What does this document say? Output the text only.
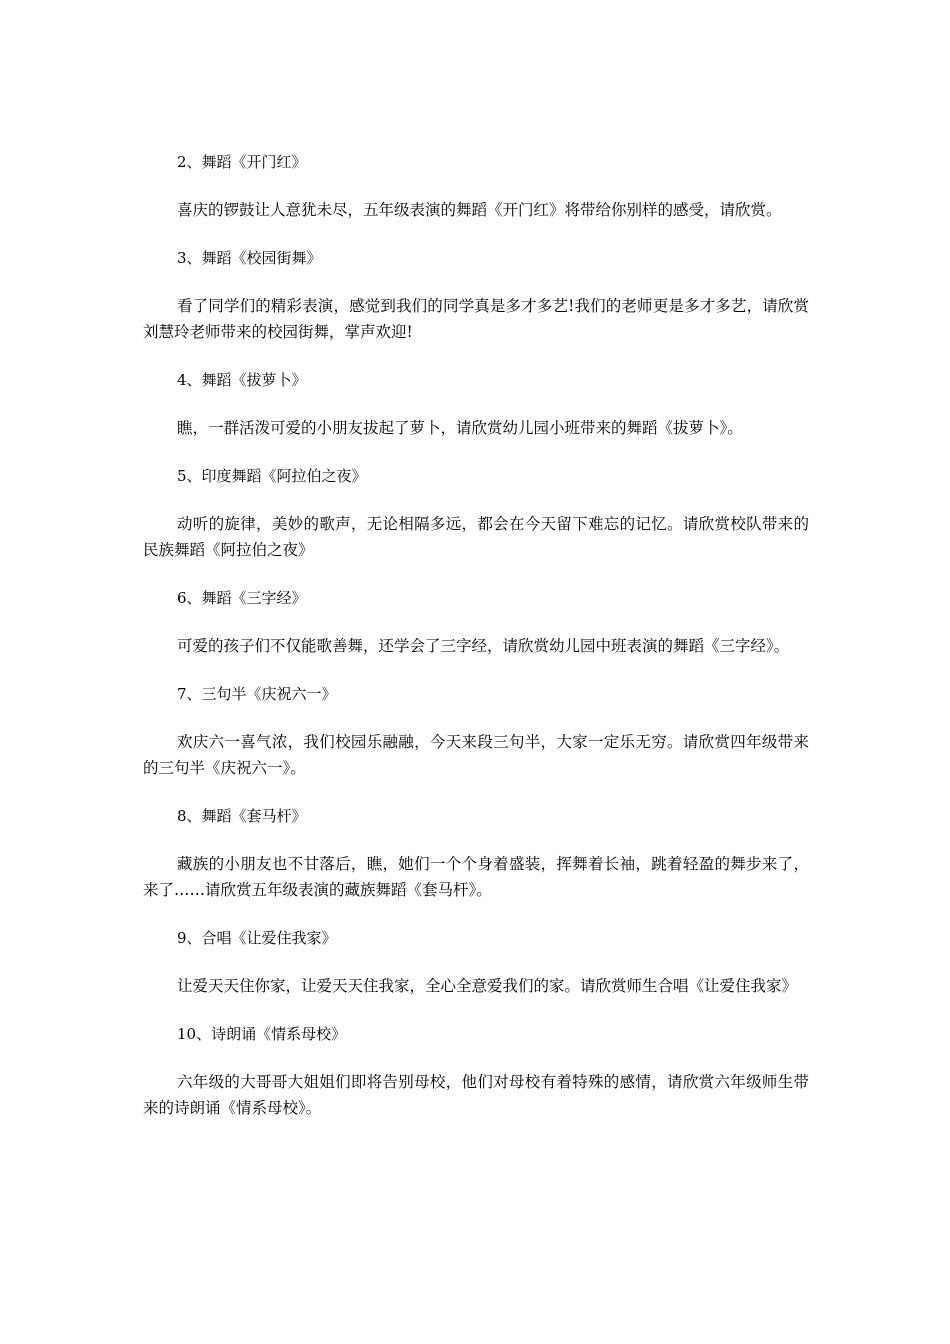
2、舞蹈《开门红》

喜庆的锣鼓让人意犹未尽，五年级表演的舞蹈《开门红》将带给你别样的感受，请欣赏。

3、舞蹈《校园街舞》

看了同学们的精彩表演，感觉到我们的同学真是多才多艺!我们的老师更是多才多艺，请欣赏刘慧玲老师带来的校园街舞，掌声欢迎!

4、舞蹈《拔萝卜》

瞧，一群活泼可爱的小朋友拔起了萝卜，请欣赏幼儿园小班带来的舞蹈《拔萝卜》。

5、印度舞蹈《阿拉伯之夜》

动听的旋律，美妙的歌声，无论相隔多远，都会在今天留下难忘的记忆。请欣赏校队带来的民族舞蹈《阿拉伯之夜》

6、舞蹈《三字经》

可爱的孩子们不仅能歌善舞，还学会了三字经，请欣赏幼儿园中班表演的舞蹈《三字经》。

7、三句半《庆祝六一》

欢庆六一喜气浓，我们校园乐融融，今天来段三句半，大家一定乐无穷。请欣赏四年级带来的三句半《庆祝六一》。

8、舞蹈《套马杆》

藏族的小朋友也不甘落后，瞧，她们一个个身着盛装，挥舞着长袖，跳着轻盈的舞步来了，来了……请欣赏五年级表演的藏族舞蹈《套马杆》。

9、合唱《让爱住我家》

让爱天天住你家，让爱天天住我家，全心全意爱我们的家。请欣赏师生合唱《让爱住我家》

10、诗朗诵《情系母校》

六年级的大哥哥大姐姐们即将告别母校，他们对母校有着特殊的感情，请欣赏六年级师生带来的诗朗诵《情系母校》。
